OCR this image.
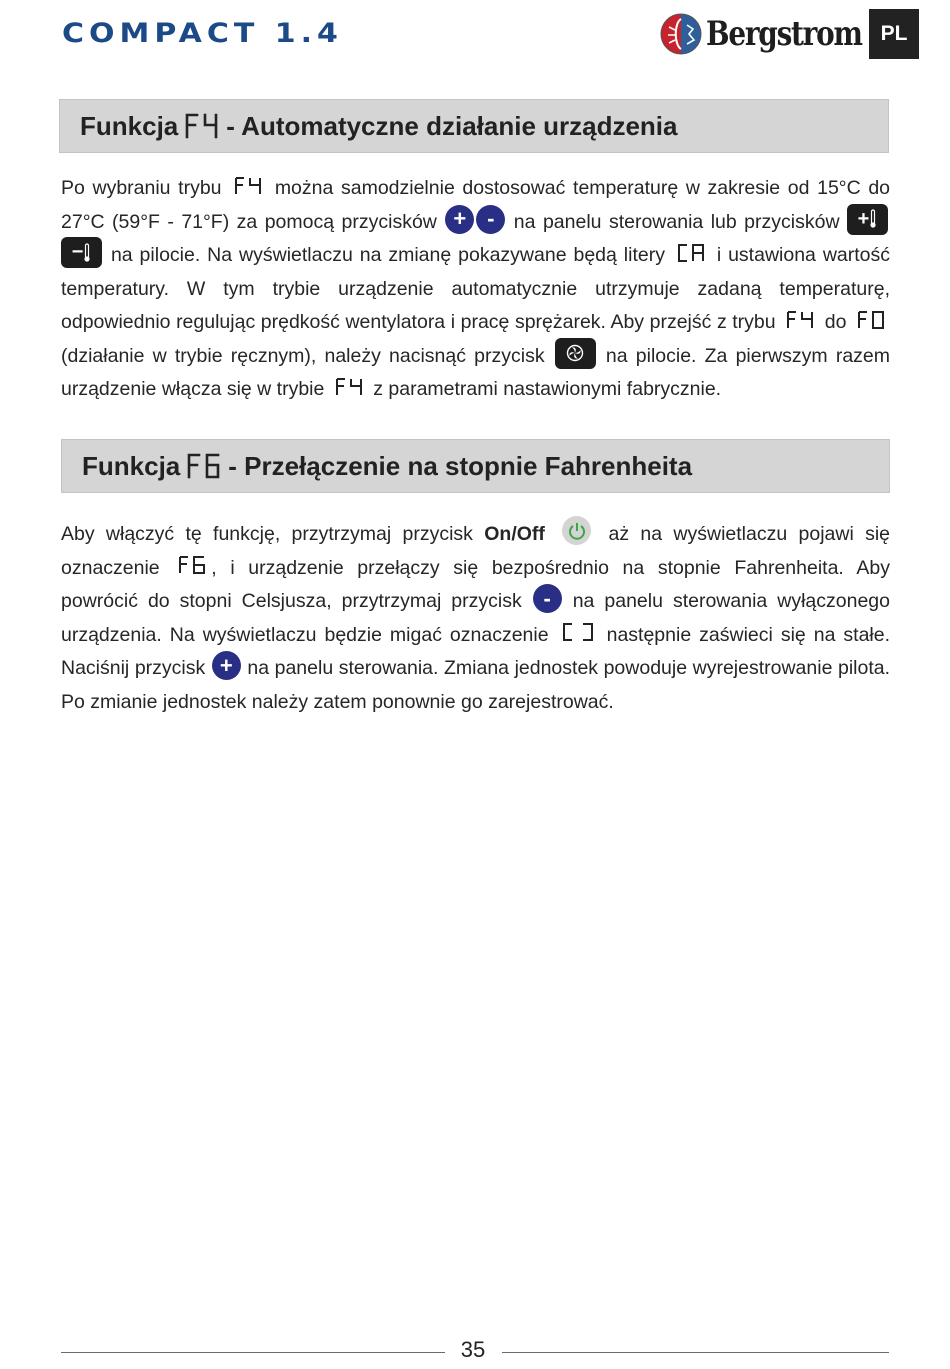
COMPACT 1.4	Bergstrom PL
Funkcja - Automatyczne działanie urządzenia
Po wybraniu trybu	można samodzielnie dostosować temperaturę w zakresie od 15°C do 27°C (59°F - 71°F) za pomocą przycisków + - na panelu sterowania lub przycisków +
− na pilocie. Na wyświetlaczu na zmianę pokazywane będą litery	i ustawiona wartość temperatury. W tym trybie urządzenie automatycznie utrzymuje zadaną temperaturę, odpowiednio regulując prędkość wentylatora i pracę sprężarek. Aby przejść z trybu	do  (działanie w trybie ręcznym), należy nacisnąć przycisk	na pilocie. Za pierwszym razem urządzenie włącza się w trybie	z parametrami nastawionymi fabrycznie.
Funkcja - Przełączenie na stopnie Fahrenheita
Aby włączyć tę funkcję, przytrzymaj przycisk On/Off	aż na wyświetlaczu pojawi się oznaczenie	, i urządzenie przełączy się bezpośrednio na stopnie Fahrenheita. Aby powrócić do stopni Celsjusza, przytrzymaj przycisk - na panelu sterowania wyłączonego urządzenia. Na wyświetlaczu będzie migać oznaczenie	następnie zaświeci się na stałe. Naciśnij przycisk + na panelu sterowania. Zmiana jednostek powoduje wyrejestrowanie pilota. Po zmianie jednostek należy zatem ponownie go zarejestrować.
35
